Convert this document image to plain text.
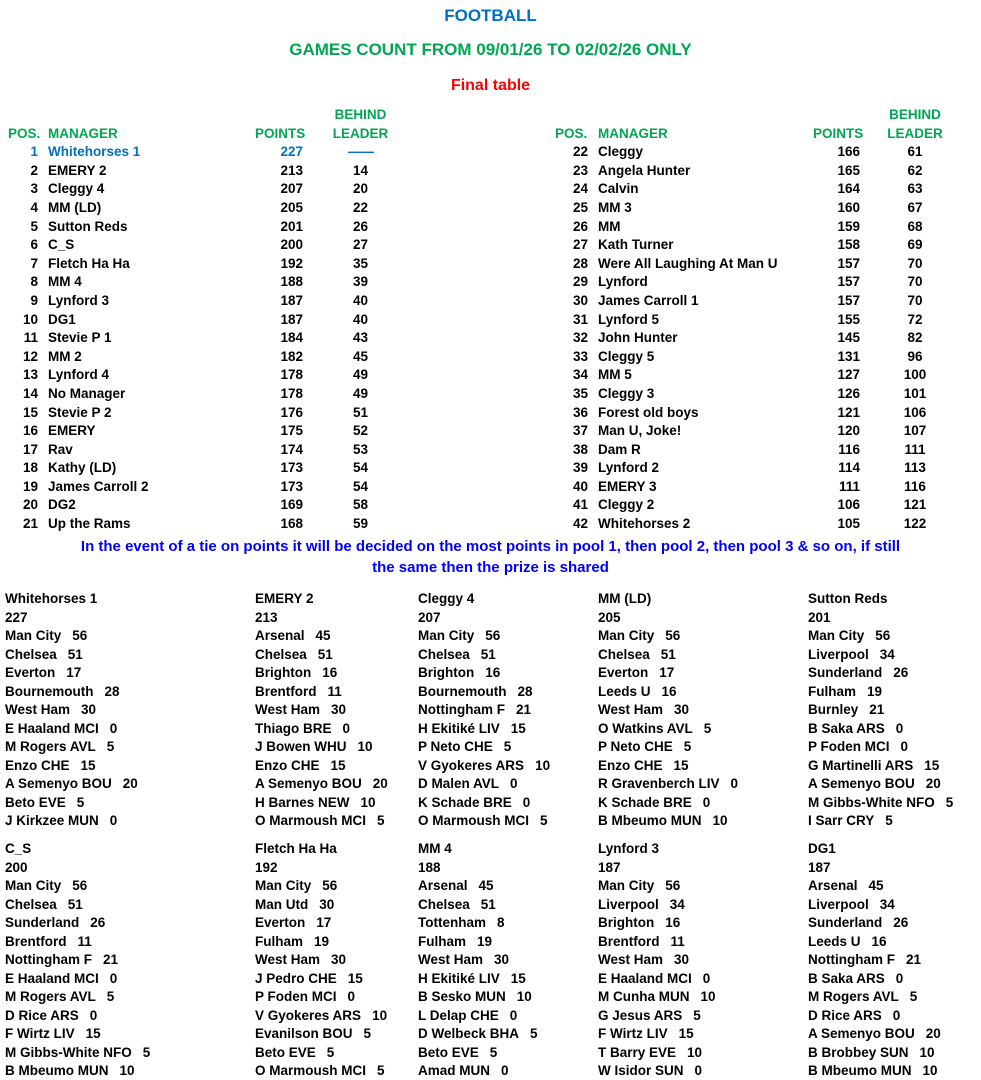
FOOTBALL
GAMES COUNT FROM 09/01/26 TO 02/02/26 ONLY
Final table
BEHIND
POS. MANAGER	POINTS	LEADER
1 Whitehorses 1	227	——
2 EMERY 2	213	14
3 Cleggy 4	207	20
4 MM (LD)	205	22
5 Sutton Reds	201	26
6 C_S	200	27
7 Fletch Ha Ha	192	35
8 MM 4	188	39
9 Lynford 3	187	40
10 DG1	187	40
11 Stevie P 1	184	43
12 MM 2	182	45
13 Lynford 4	178	49
14 No Manager	178	49
15 Stevie P 2	176	51
16 EMERY	175	52
17 Rav	174	53
18 Kathy (LD)	173	54
19 James Carroll 2	173	54
20 DG2	169	58
21 Up the Rams	168	59
BEHIND
POS. MANAGER	POINTS	LEADER
22 Cleggy	166	61
23 Angela Hunter	165	62
24 Calvin	164	63
25 MM 3	160	67
26 MM	159	68
27 Kath Turner	158	69
28 Were All Laughing At Man U	157	70
29 Lynford	157	70
30 James Carroll 1	157	70
31 Lynford 5	155	72
32 John Hunter	145	82
33 Cleggy 5	131	96
34 MM 5	127	100
35 Cleggy 3	126	101
36 Forest old boys	121	106
37 Man U, Joke!	120	107
38 Dam R	116	111
39 Lynford 2	114	113
40 EMERY 3	111	116
41 Cleggy 2	106	121
42 Whitehorses 2	105	122
In the event of a tie on points it will be decided on the most points in pool 1, then pool 2, then pool 3 & so on, if still
the same then the prize is shared
Whitehorses 1
227
Man City 56
Chelsea 51
Everton 17
Bournemouth 28
West Ham 30
E Haaland MCI 0
M Rogers AVL 5
Enzo CHE 15
A Semenyo BOU 20
Beto EVE 5
J Kirkzee MUN 0
EMERY 2
213
Arsenal 45
Chelsea 51
Brighton 16
Brentford 11
West Ham 30
Thiago BRE 0
J Bowen WHU 10
Enzo CHE 15
A Semenyo BOU 20
H Barnes NEW 10
O Marmoush MCI 5
Cleggy 4
207
Man City 56
Chelsea 51
Brighton 16
Bournemouth 28
Nottingham F 21
H Ekitiké LIV 15
P Neto CHE 5
V Gyokeres ARS 10
D Malen AVL 0
K Schade BRE 0
O Marmoush MCI 5
MM (LD)
205
Man City 56
Chelsea 51
Everton 17
Leeds U 16
West Ham 30
O Watkins AVL 5
P Neto CHE 5
Enzo CHE 15
R Gravenberch LIV 0
K Schade BRE 0
B Mbeumo MUN 10
Sutton Reds
201
Man City 56
Liverpool 34
Sunderland 26
Fulham 19
Burnley 21
B Saka ARS 0
P Foden MCI 0
G Martinelli ARS 15
A Semenyo BOU 20
M Gibbs-White NFO 5
I Sarr CRY 5
C_S
200
Man City 56
Chelsea 51
Sunderland 26
Brentford 11
Nottingham F 21
E Haaland MCI 0
M Rogers AVL 5
D Rice ARS 0
F Wirtz LIV 15
M Gibbs-White NFO 5
B Mbeumo MUN 10
Fletch Ha Ha
192
Man City 56
Man Utd 30
Everton 17
Fulham 19
West Ham 30
J Pedro CHE 15
P Foden MCI 0
V Gyokeres ARS 10
Evanilson BOU 5
Beto EVE 5
O Marmoush MCI 5
MM 4
188
Arsenal 45
Chelsea 51
Tottenham 8
Fulham 19
West Ham 30
H Ekitiké LIV 15
B Sesko MUN 10
L Delap CHE 0
D Welbeck BHA 5
Beto EVE 5
Amad MUN 0
Lynford 3
187
Man City 56
Liverpool 34
Brighton 16
Brentford 11
West Ham 30
E Haaland MCI 0
M Cunha MUN 10
G Jesus ARS 5
F Wirtz LIV 15
T Barry EVE 10
W Isidor SUN 0
DG1
187
Arsenal 45
Liverpool 34
Sunderland 26
Leeds U 16
Nottingham F 21
B Saka ARS 0
M Rogers AVL 5
D Rice ARS 0
A Semenyo BOU 20
B Brobbey SUN 10
B Mbeumo MUN 10
